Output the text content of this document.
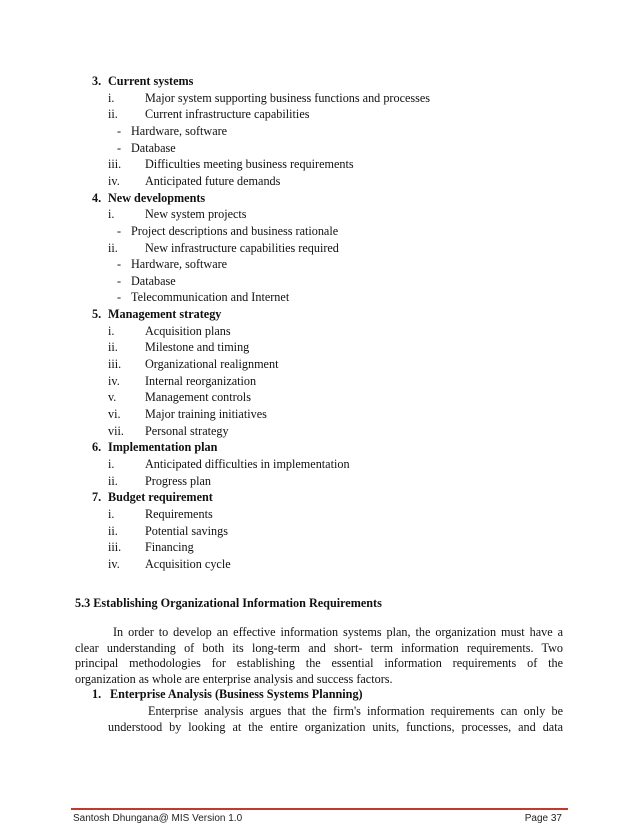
3. Current systems
i.	Major system supporting business functions and processes
ii. Current infrastructure capabilities
- Hardware, software
- Database
iii. Difficulties meeting business requirements
iv. Anticipated future demands
4. New developments
i.	New system projects
- Project descriptions and business rationale
ii. New infrastructure capabilities required
- Hardware, software
- Database
- Telecommunication and Internet
5. Management strategy
i.	Acquisition plans
ii. Milestone and timing
iii. Organizational realignment
iv. Internal reorganization
v. Management controls
vi. Major training initiatives
vii. Personal strategy
6. Implementation plan
i.	Anticipated difficulties in implementation
ii. Progress plan
7. Budget requirement
i.	Requirements
ii. Potential savings
iii. Financing
iv. Acquisition cycle
5.3 Establishing Organizational Information Requirements
In order to develop an effective information systems plan, the organization must have a
clear understanding of both its long-term and short- term information requirements. Two
principal methodologies for establishing the essential information requirements of the
organization as whole are enterprise analysis and success factors.
1. Enterprise Analysis (Business Systems Planning)
Enterprise analysis argues that the firm's information requirements can only be
understood by looking at the entire organization units, functions, processes, and data
Santosh Dhungana@ MIS Version 1.0	Page 37
